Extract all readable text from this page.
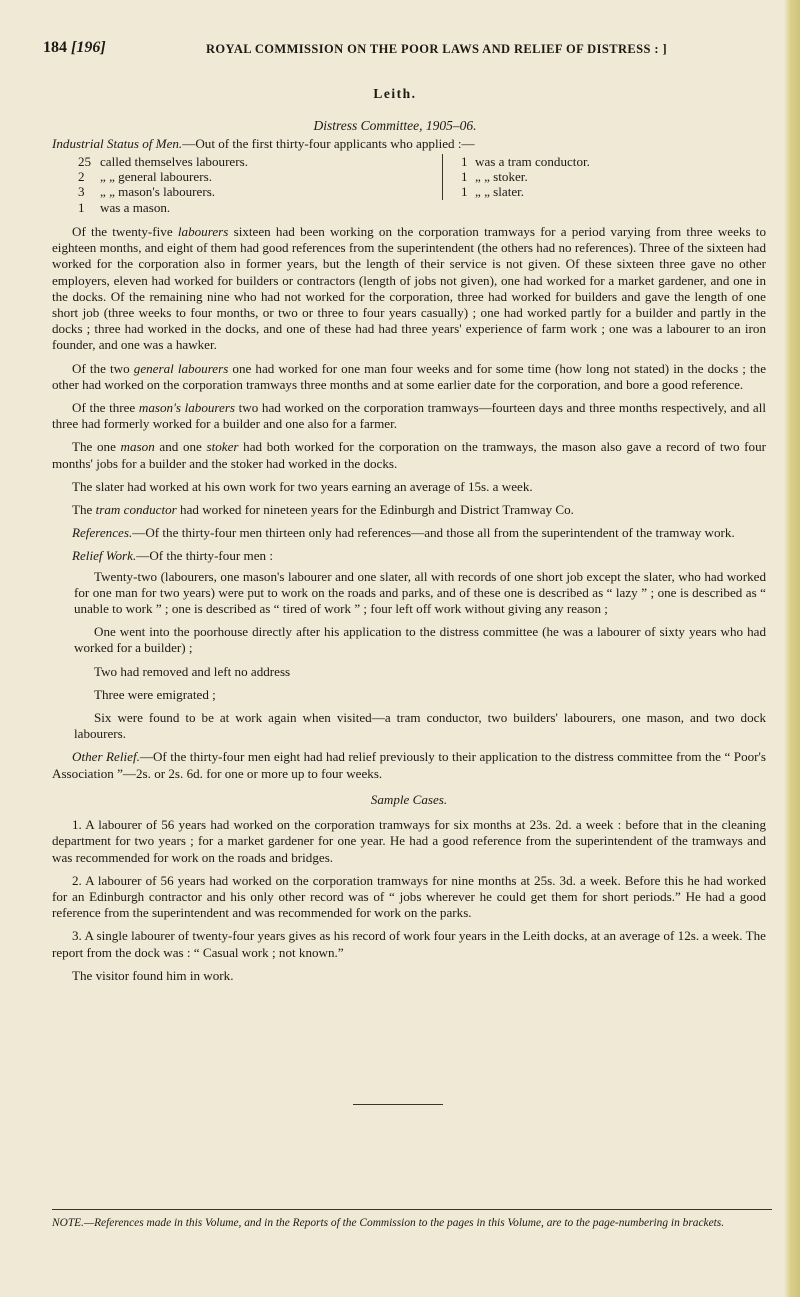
184 [196]	ROYAL COMMISSION ON THE POOR LAWS AND RELIEF OF DISTRESS : ]
Leith.
Distress Committee, 1905–06.
Industrial Status of Men.—Out of the first thirty-four applicants who applied :—
25 called themselves labourers.
2 „ „ general labourers.
3 „ „ mason's labourers.
1 was a mason.
1 was a tram conductor.
1 „ „ stoker.
1 „ „ slater.

Of the twenty-five labourers sixteen had been working on the corporation tramways for a period varying from three weeks to eighteen months, and eight of them had good references from the superintendent (the others had no references). Three of the sixteen had worked for the corporation also in former years, but the length of their service is not given. Of these sixteen three gave no other employers, eleven had worked for builders or contractors (length of jobs not given), one had worked for a market gardener, and one in the docks. Of the remaining nine who had not worked for the corporation, three had worked for builders and gave the length of one short job (three weeks to four months, or two or three to four years casually) ; one had worked partly for a builder and partly in the docks ; three had worked in the docks, and one of these had had three years' experience of farm work ; one was a labourer to an iron founder, and one was a hawker.

Of the two general labourers one had worked for one man four weeks and for some time (how long not stated) in the docks ; the other had worked on the corporation tramways three months and at some earlier date for the corporation, and bore a good reference.

Of the three mason's labourers two had worked on the corporation tramways—fourteen days and three months respectively, and all three had formerly worked for a builder and one also for a farmer.

The one mason and one stoker had both worked for the corporation on the tramways, the mason also gave a record of two four months' jobs for a builder and the stoker had worked in the docks.

The slater had worked at his own work for two years earning an average of 15s. a week.

The tram conductor had worked for nineteen years for the Edinburgh and District Tramway Co.

References.—Of the thirty-four men thirteen only had references—and those all from the superintendent of the tramway work.

Relief Work.—Of the thirty-four men :

Twenty-two (labourers, one mason's labourer and one slater, all with records of one short job except the slater, who had worked for one man for two years) were put to work on the roads and parks, and of these one is described as “ lazy ” ; one is described as “ unable to work ” ; one is described as “ tired of work ” ; four left off work without giving any reason ;

One went into the poorhouse directly after his application to the distress committee (he was a labourer of sixty years who had worked for a builder) ;

Two had removed and left no address

Three were emigrated ;

Six were found to be at work again when visited—a tram conductor, two builders' labourers, one mason, and two dock labourers.

Other Relief.—Of the thirty-four men eight had had relief previously to their application to the distress committee from the “ Poor's Association ”—2s. or 2s. 6d. for one or more up to four weeks.

Sample Cases.

1. A labourer of 56 years had worked on the corporation tramways for six months at 23s. 2d. a week : before that in the cleaning department for two years ; for a market gardener for one year. He had a good reference from the superintendent of the tramways and was recommended for work on the roads and bridges.

2. A labourer of 56 years had worked on the corporation tramways for nine months at 25s. 3d. a week. Before this he had worked for an Edinburgh contractor and his only other record was of “ jobs wherever he could get them for short periods.” He had a good reference from the superintendent and was recommended for work on the parks.

3. A single labourer of twenty-four years gives as his record of work four years in the Leith docks, at an average of 12s. a week. The report from the dock was : “ Casual work ; not known.”

The visitor found him in work.

NOTE.—References made in this Volume, and in the Reports of the Commission to the pages in this Volume, are to the page-numbering in brackets.
